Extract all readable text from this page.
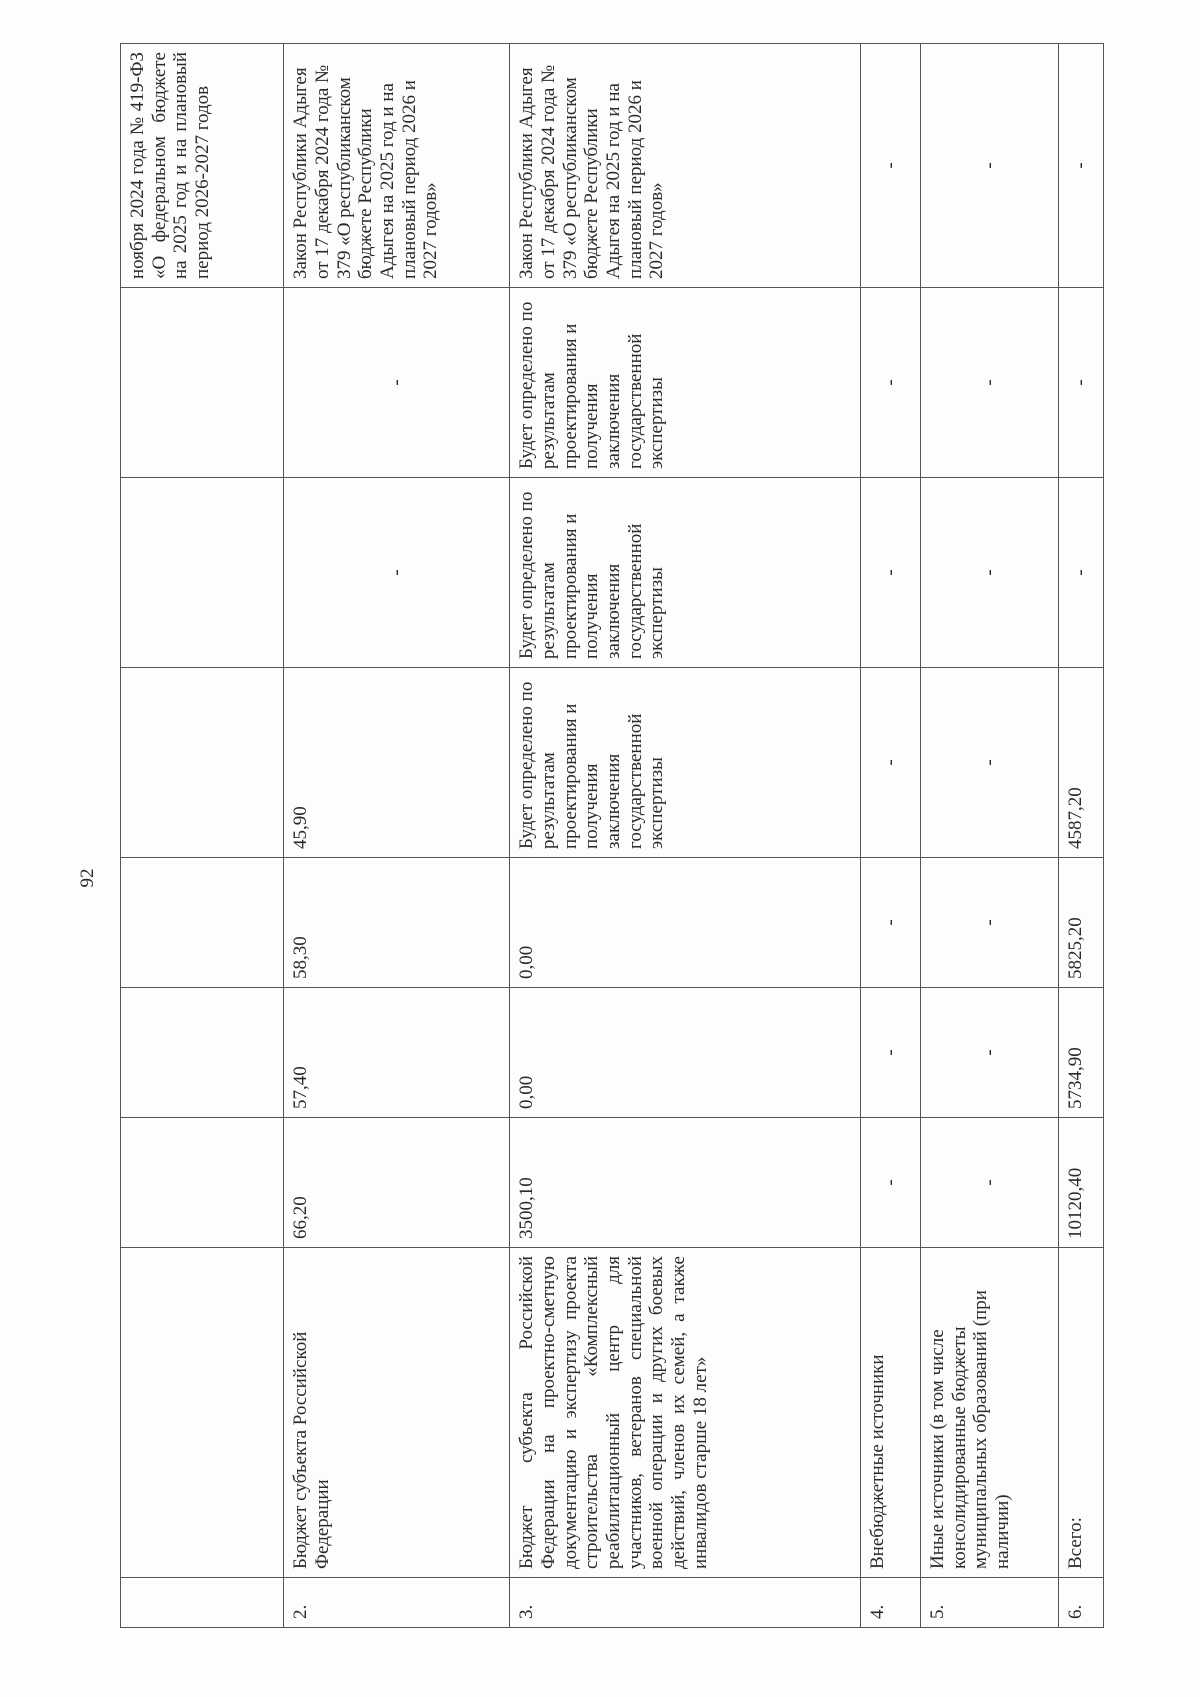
92
								ноября 2024 года № 419-ФЗ «О федеральном бюджете на 2025 год и на плановый период 2026-2027 годов
2.	Бюджет субъекта Российской Федерации	66,20	57,40	58,30	45,90	-	-	Закон Республики Адыгея от 17 декабря 2024 года № 379 «О республиканском бюджете Республики Адыгея на 2025 год и на плановый период 2026 и 2027 годов»
3.	Бюджет субъекта Российской Федерации на проектно-сметную документацию и экспертизу проекта строительства «Комплексный реабилитационный центр для участников, ветеранов специальной военной операции и других боевых действий, членов их семей, а также инвалидов старше 18 лет»	3500,10	0,00	0,00	Будет определено по результатам проектирования и получения заключения государственной экспертизы	Будет определено по результатам проектирования и получения заключения государственной экспертизы	Будет определено по результатам проектирования и получения заключения государственной экспертизы	Закон Республики Адыгея от 17 декабря 2024 года № 379 «О республиканском бюджете Республики Адыгея на 2025 год и на плановый период 2026 и 2027 годов»
4.	Внебюджетные источники	-	-	-	-	-	-	-
5.	Иные источники (в том числе консолидированные бюджеты муниципальных образований (при наличии)	-	-	-	-	-	-	-
6.	Всего:	10120,40	5734,90	5825,20	4587,20	-	-	-
